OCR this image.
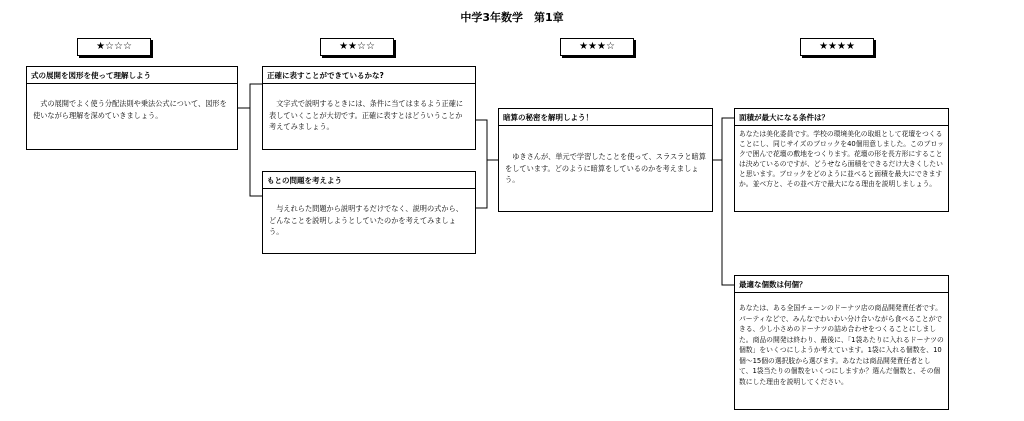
中学3年数学　第1章
★☆☆☆	★★☆☆	★★★☆	★★★★
式の展開を図形を使って理解しよう
　式の展開でよく使う分配法則や乗法公式について、図形を使いながら理解を深めていきましょう。
正確に表すことができているかな?
　文字式で説明するときには、条件に当てはまるよう正確に表していくことが大切です。正確に表すとはどういうことか考えてみましょう。
もとの問題を考えよう
　与えれらた問題から説明するだけでなく、説明の式から、どんなことを説明しようとしていたのかを考えてみましょう。
暗算の秘密を解明しよう！
　ゆきさんが、単元で学習したことを使って、スラスラと暗算をしています。どのように暗算をしているのかを考えましょう。
面積が最大になる条件は？
あなたは美化委員です。学校の環境美化の取組として花壇をつくることにし、同じサイズのブロックを40個用意しました。このブロックで囲んで花壇の敷地をつくります。花壇の形を長方形にすることは決めているのですが、どうせなら面積をできるだけ大きくしたいと思います。ブロックをどのように並べると面積を最大にできますか。並べ方と、その並べ方で最大になる理由を説明しましょう。
最適な個数は何個？
あなたは、ある全国チェーンのドーナツ店の商品開発責任者です。パーティなどで、みんなでわいわい分け合いながら食べることができる、少し小さめのドーナツの詰め合わせをつくることにしました。商品の開発は終わり、最後に、「1袋あたりに入れるドーナツの個数」をいくつにしようか考えています。1袋に入れる個数を、10個～15個の選択肢から選びます。あなたは商品開発責任者として、1袋当たりの個数をいくつにしますか？選んだ個数と、その個数にした理由を説明してください。
